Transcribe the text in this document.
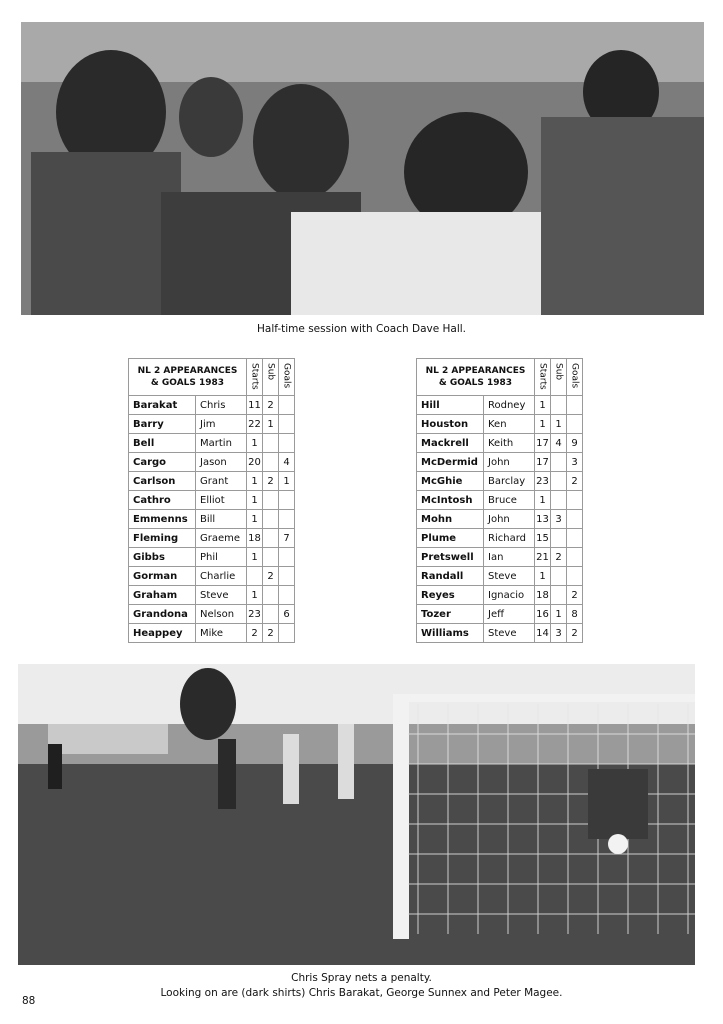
Half-time session with Coach Dave Hall.
NL 2 APPEARANCES
& GOALS 1983		Starts	Sub	Goals
Barakat	Chris	11	2	
Barry	Jim	22	1	
Bell	Martin	1		
Cargo	Jason	20		4
Carlson	Grant	1	2	1
Cathro	Elliot	1		
Emmenns	Bill	1		
Fleming	Graeme	18		7
Gibbs	Phil	1		
Gorman	Charlie		2	
Graham	Steve	1		
Grandona	Nelson	23		6
Heappey	Mike	2	2	
NL 2 APPEARANCES
& GOALS 1983		Starts	Sub	Goals
Hill	Rodney	1		
Houston	Ken	1	1	
Mackrell	Keith	17	4	9
McDermid	John	17		3
McGhie	Barclay	23		2
McIntosh	Bruce	1		
Mohn	John	13	3	
Plume	Richard	15		
Pretswell	Ian	21	2	
Randall	Steve	1		
Reyes	Ignacio	18		2
Tozer	Jeff	16	1	8
Williams	Steve	14	3	2
Chris Spray nets a penalty.
Looking on are (dark shirts) Chris Barakat, George Sunnex and Peter Magee.
88
